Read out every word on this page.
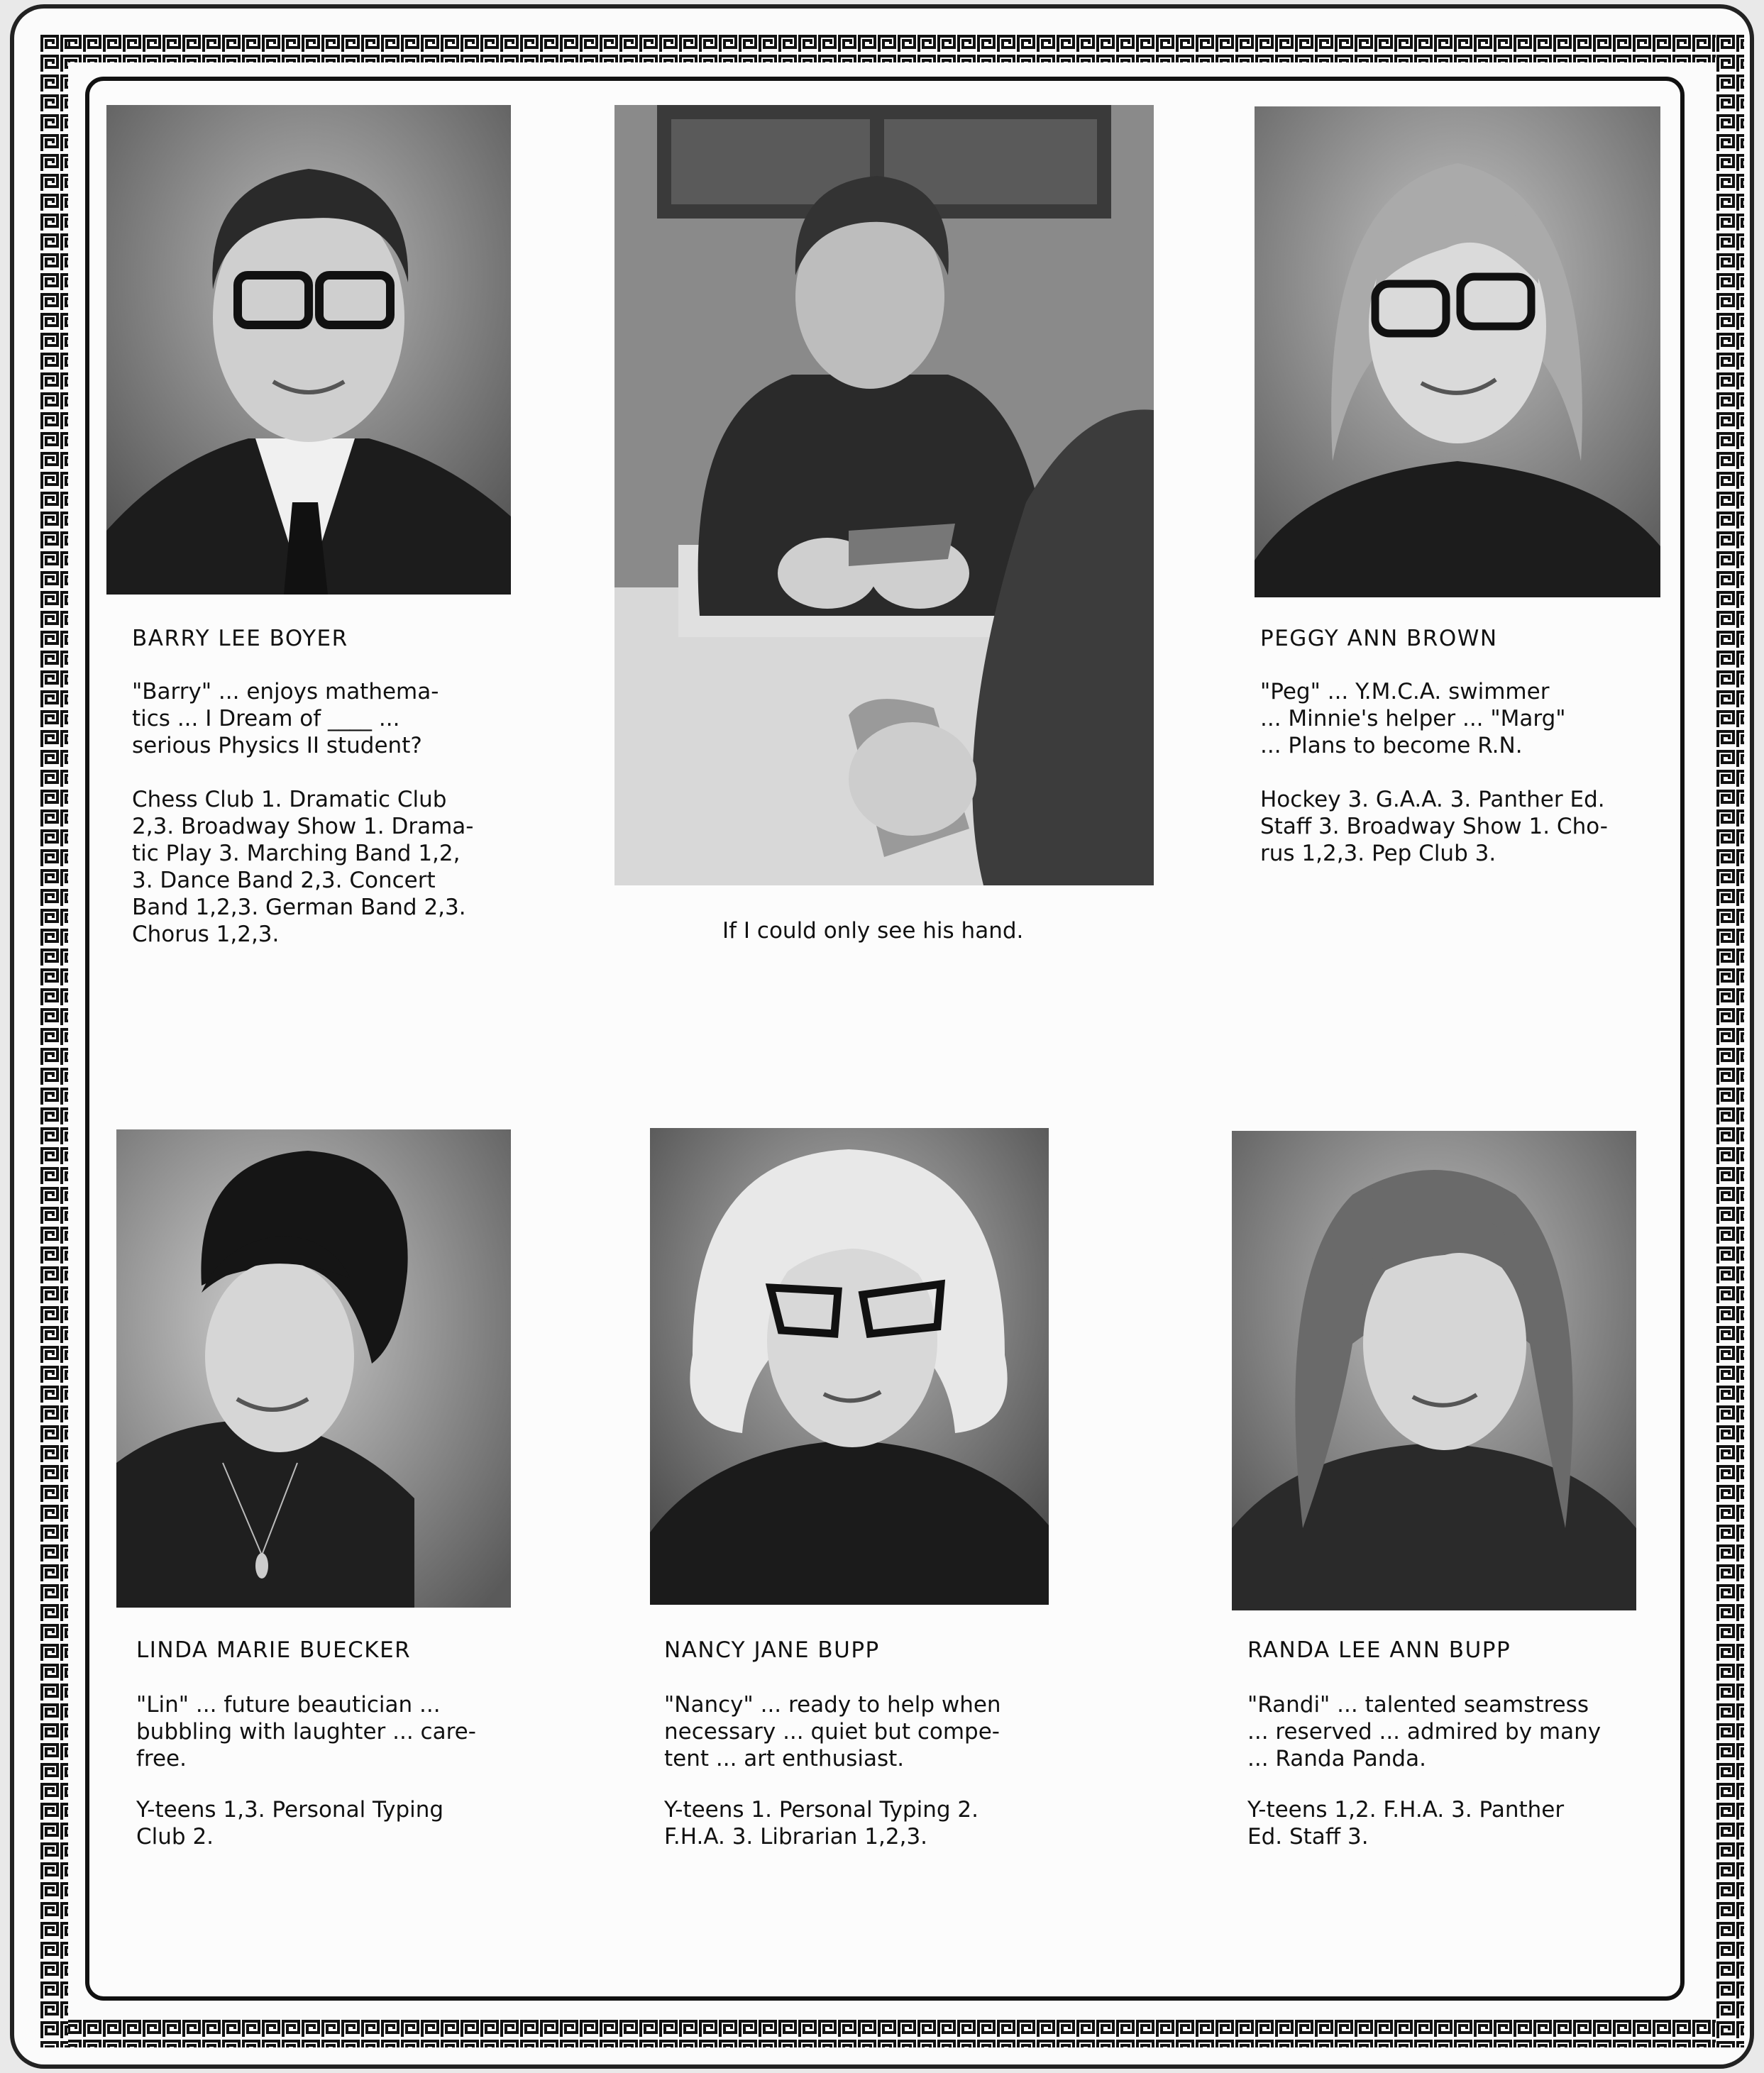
BARRY LEE BOYER

"Barry" ... enjoys mathema-
tics ... I Dream of ____ ...
serious Physics II student?
Chess Club 1. Dramatic Club
2,3. Broadway Show 1. Drama-
tic Play 3. Marching Band 1,2,
3. Dance Band 2,3. Concert
Band 1,2,3. German Band 2,3.
Chorus 1,2,3.	If I could only see his hand.

PEGGY ANN BROWN

"Peg" ... Y.M.C.A. swimmer
... Minnie's helper ... "Marg"
... Plans to become R.N.
Hockey 3. G.A.A. 3. Panther Ed.
Staff 3. Broadway Show 1. Cho-
rus 1,2,3. Pep Club 3.

LINDA MARIE BUECKER

"Lin" ... future beautician ...
bubbling with laughter ... care-
free.
Y-teens 1,3. Personal Typing
Club 2.

NANCY JANE BUPP

"Nancy" ... ready to help when
necessary ... quiet but compe-
tent ... art enthusiast.
Y-teens 1. Personal Typing 2.
F.H.A. 3. Librarian 1,2,3.

RANDA LEE ANN BUPP

"Randi" ... talented seamstress
... reserved ... admired by many
... Randa Panda.
Y-teens 1,2. F.H.A. 3. Panther
Ed. Staff 3.
